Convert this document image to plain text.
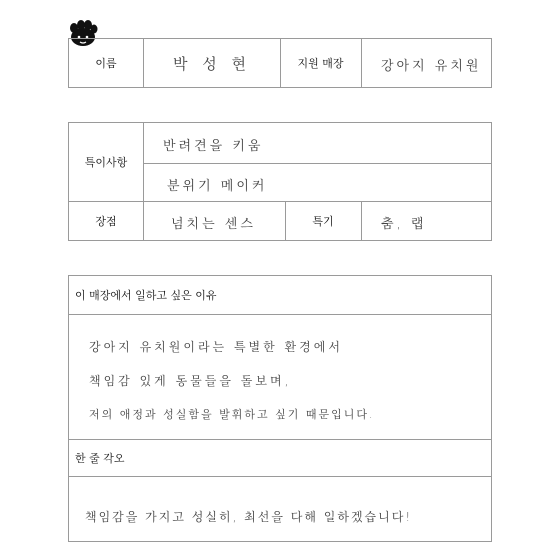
이름	박 성 현	지원 매장	강아지 유치원
특이사항
반려견을 키움
분위기 메이커
장점	넘치는 센스	특기	춤, 랩
이 매장에서 일하고 싶은 이유
강아지 유치원이라는 특별한 환경에서
책임감 있게 동물들을 돌보며,
저의 애정과 성실함을 발휘하고 싶기 때문입니다.
한 줄 각오
책임감을 가지고 성실히, 최선을 다해 일하겠습니다!
